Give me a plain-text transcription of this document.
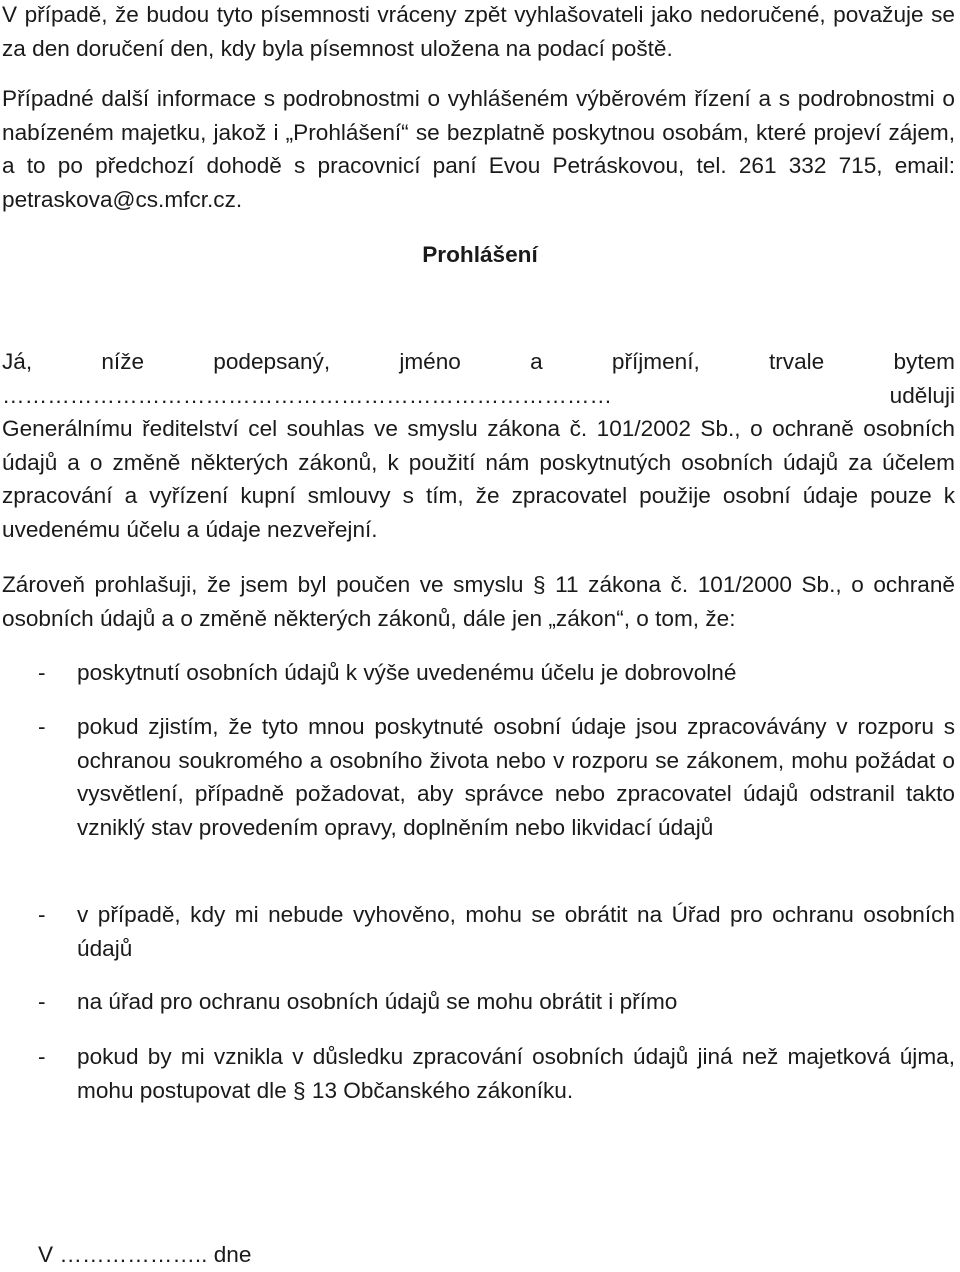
V případě, že budou tyto písemnosti vráceny zpět vyhlašovateli jako nedoručené, považuje se za den doručení den, kdy byla písemnost uložena na podací poště.

Případné další informace s podrobnostmi o vyhlášeném výběrovém řízení a s podrobnostmi o nabízeném majetku, jakož i „Prohlášení“ se bezplatně poskytnou osobám, které projeví zájem, a to po předchozí dohodě s pracovnicí paní Evou Petráskovou, tel. 261 332 715, email: petraskova@cs.mfcr.cz.

Prohlášení

Já, níže podepsaný, jméno a příjmení, trvale bytem
……………………………………………………………………… uděluji
Generálnímu ředitelství cel souhlas ve smyslu zákona č. 101/2002 Sb., o ochraně osobních údajů a o změně některých zákonů, k použití nám poskytnutých osobních údajů za účelem zpracování a vyřízení kupní smlouvy s tím, že zpracovatel použije osobní údaje pouze k uvedenému účelu a údaje nezveřejní.

Zároveň prohlašuji, že jsem byl poučen ve smyslu § 11 zákona č. 101/2000 Sb., o ochraně osobních údajů a o změně některých zákonů, dále jen „zákon“, o tom, že:

- poskytnutí osobních údajů k výše uvedenému účelu je dobrovolné

- pokud zjistím, že tyto mnou poskytnuté osobní údaje jsou zpracovávány v rozporu s ochranou soukromého a osobního života nebo v rozporu se zákonem, mohu požádat o vysvětlení, případně požadovat, aby správce nebo zpracovatel údajů odstranil takto vzniklý stav provedením opravy, doplněním nebo likvidací údajů

- v případě, kdy mi nebude vyhověno, mohu se obrátit na Úřad pro ochranu osobních údajů

- na úřad pro ochranu osobních údajů se mohu obrátit i přímo

- pokud by mi vznikla v důsledku zpracování osobních údajů jiná než majetková újma, mohu postupovat dle § 13 Občanského zákoníku.

V ……………….. dne
